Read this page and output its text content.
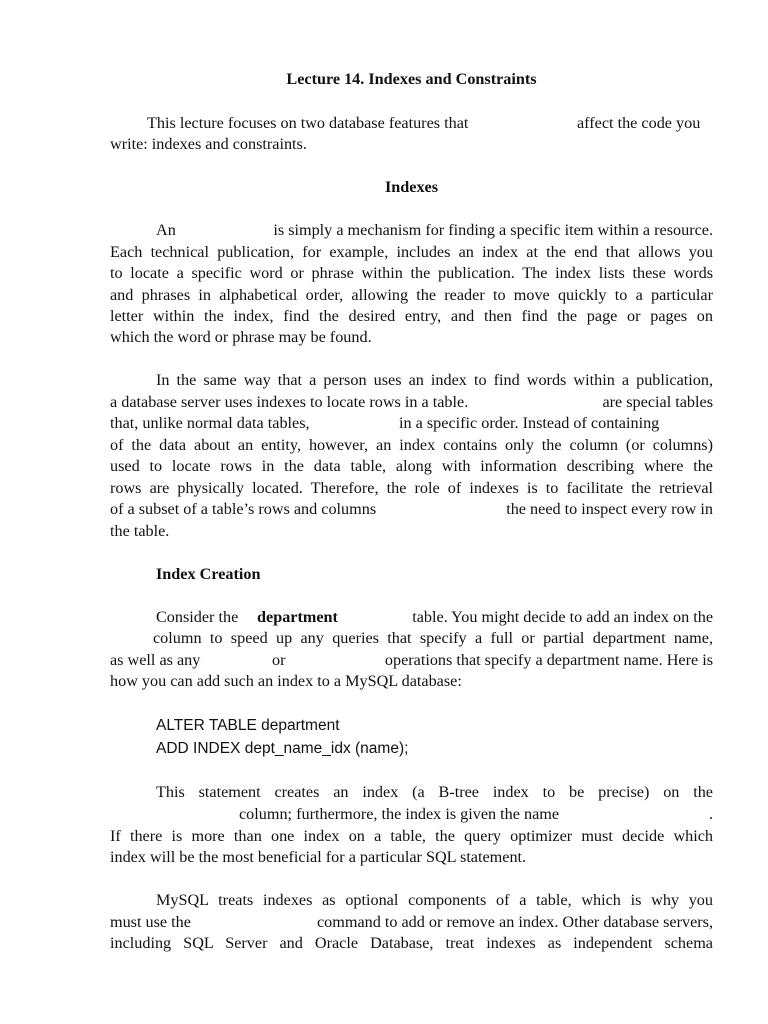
Lecture 14. Indexes and Constraints
This lecture focuses on two database features that	affect the code you
write: indexes and constraints.
Indexes
An	is simply a mechanism for finding a specific item within a resource.
Each technical publication, for example, includes an index at the end that allows you
to locate a specific word or phrase within the publication. The index lists these words
and phrases in alphabetical order, allowing the reader to move quickly to a particular
letter within the index, find the desired entry, and then find the page or pages on
which the word or phrase may be found.
In the same way that a person uses an index to find words within a publication,
a database server uses indexes to locate rows in a table.	are special tables
that, unlike normal data tables,	in a specific order. Instead of containing
of the data about an entity, however, an index contains only the column (or columns)
used to locate rows in the data table, along with information describing where the
rows are physically located. Therefore, the role of indexes is to facilitate the retrieval
of a subset of a table’s rows and columns	the need to inspect every row in
the table.
Index Creation
Consider the department	table. You might decide to add an index on the
column to speed up any queries that specify a full or partial department name,
as well as any	or	operations that specify a department name. Here is
how you can add such an index to a MySQL database:
ALTER TABLE department
ADD INDEX dept_name_idx (name);
This statement creates an index (a B-tree index to be precise) on the
column; furthermore, the index is given the name	.
If there is more than one index on a table, the query optimizer must decide which
index will be the most beneficial for a particular SQL statement.
MySQL treats indexes as optional components of a table, which is why you
must use the	command to add or remove an index. Other database servers,
including SQL Server and Oracle Database, treat indexes as independent schema
